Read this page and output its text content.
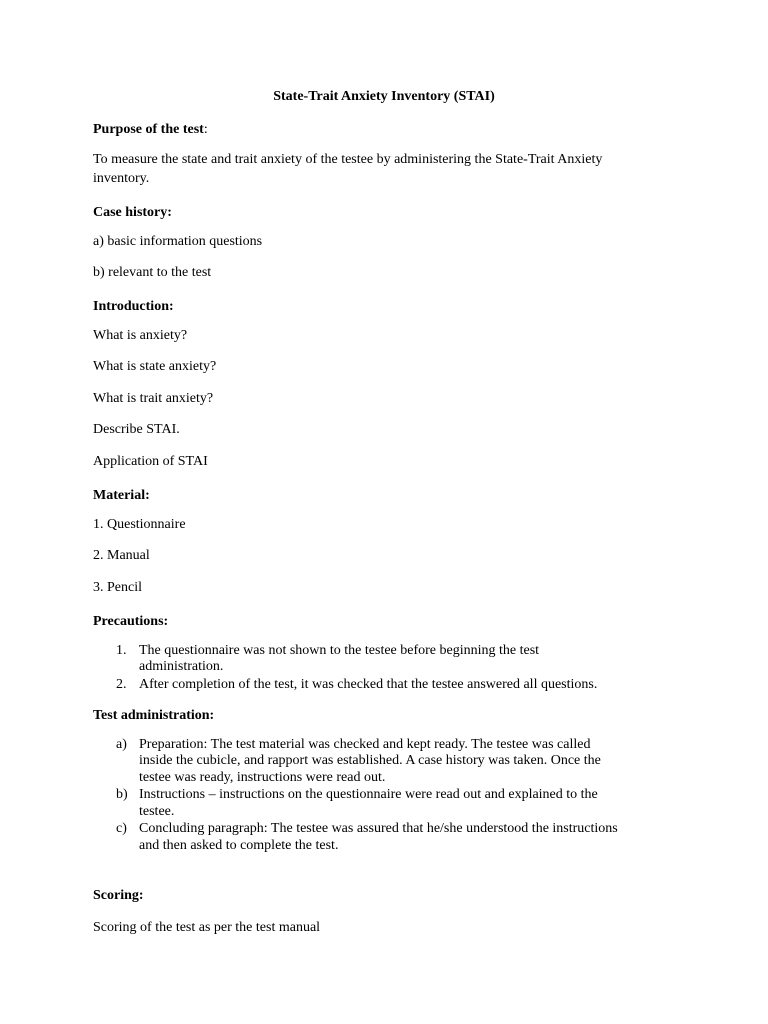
State-Trait Anxiety Inventory (STAI)
Purpose of the test:
To measure the state and trait anxiety of the testee by administering the State-Trait Anxiety
inventory.
Case history:
a) basic information questions
b) relevant to the test
Introduction:
What is anxiety?
What is state anxiety?
What is trait anxiety?
Describe STAI.
Application of STAI
Material:
1. Questionnaire
2. Manual
3. Pencil
Precautions:
1. The questionnaire was not shown to the testee before beginning the test
administration.
2. After completion of the test, it was checked that the testee answered all questions.
Test administration:
a) Preparation: The test material was checked and kept ready. The testee was called
inside the cubicle, and rapport was established. A case history was taken. Once the
testee was ready, instructions were read out.
b) Instructions – instructions on the questionnaire were read out and explained to the
testee.
c) Concluding paragraph: The testee was assured that he/she understood the instructions
and then asked to complete the test.
Scoring:
Scoring of the test as per the test manual
